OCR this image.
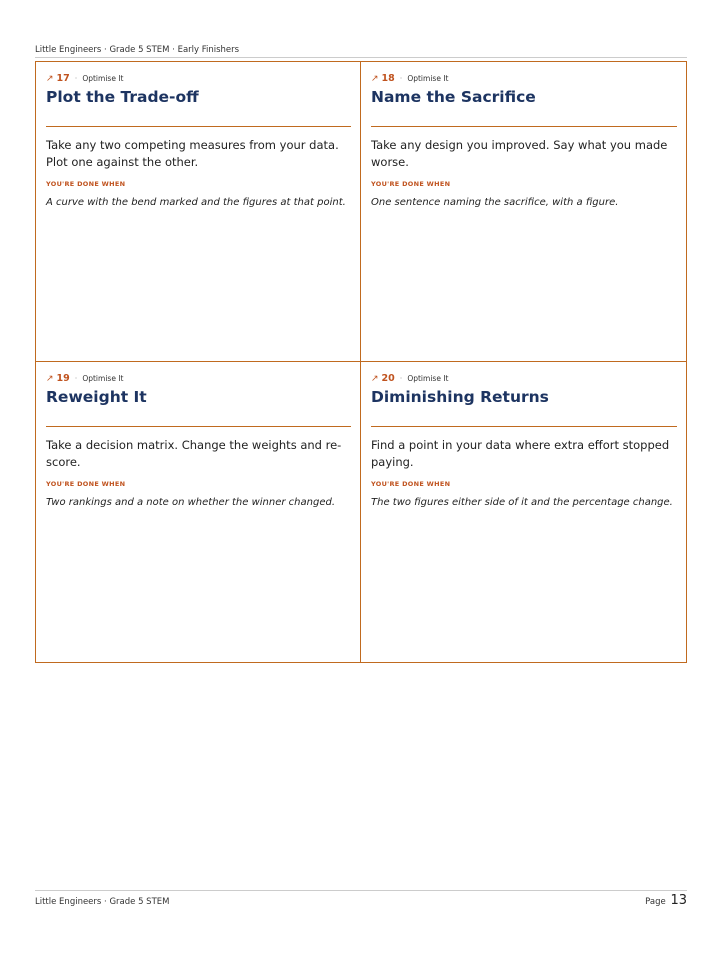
Little Engineers · Grade 5 STEM · Early Finishers
↗ 17 · Optimise It
Plot the Trade-off
Take any two competing measures from your data. Plot one against the other.
YOU'RE DONE WHEN
A curve with the bend marked and the figures at that point.
↗ 18 · Optimise It
Name the Sacrifice
Take any design you improved. Say what you made worse.
YOU'RE DONE WHEN
One sentence naming the sacrifice, with a figure.
↗ 19 · Optimise It
Reweight It
Take a decision matrix. Change the weights and re-score.
YOU'RE DONE WHEN
Two rankings and a note on whether the winner changed.
↗ 20 · Optimise It
Diminishing Returns
Find a point in your data where extra effort stopped paying.
YOU'RE DONE WHEN
The two figures either side of it and the percentage change.
Little Engineers · Grade 5 STEM	Page 13
